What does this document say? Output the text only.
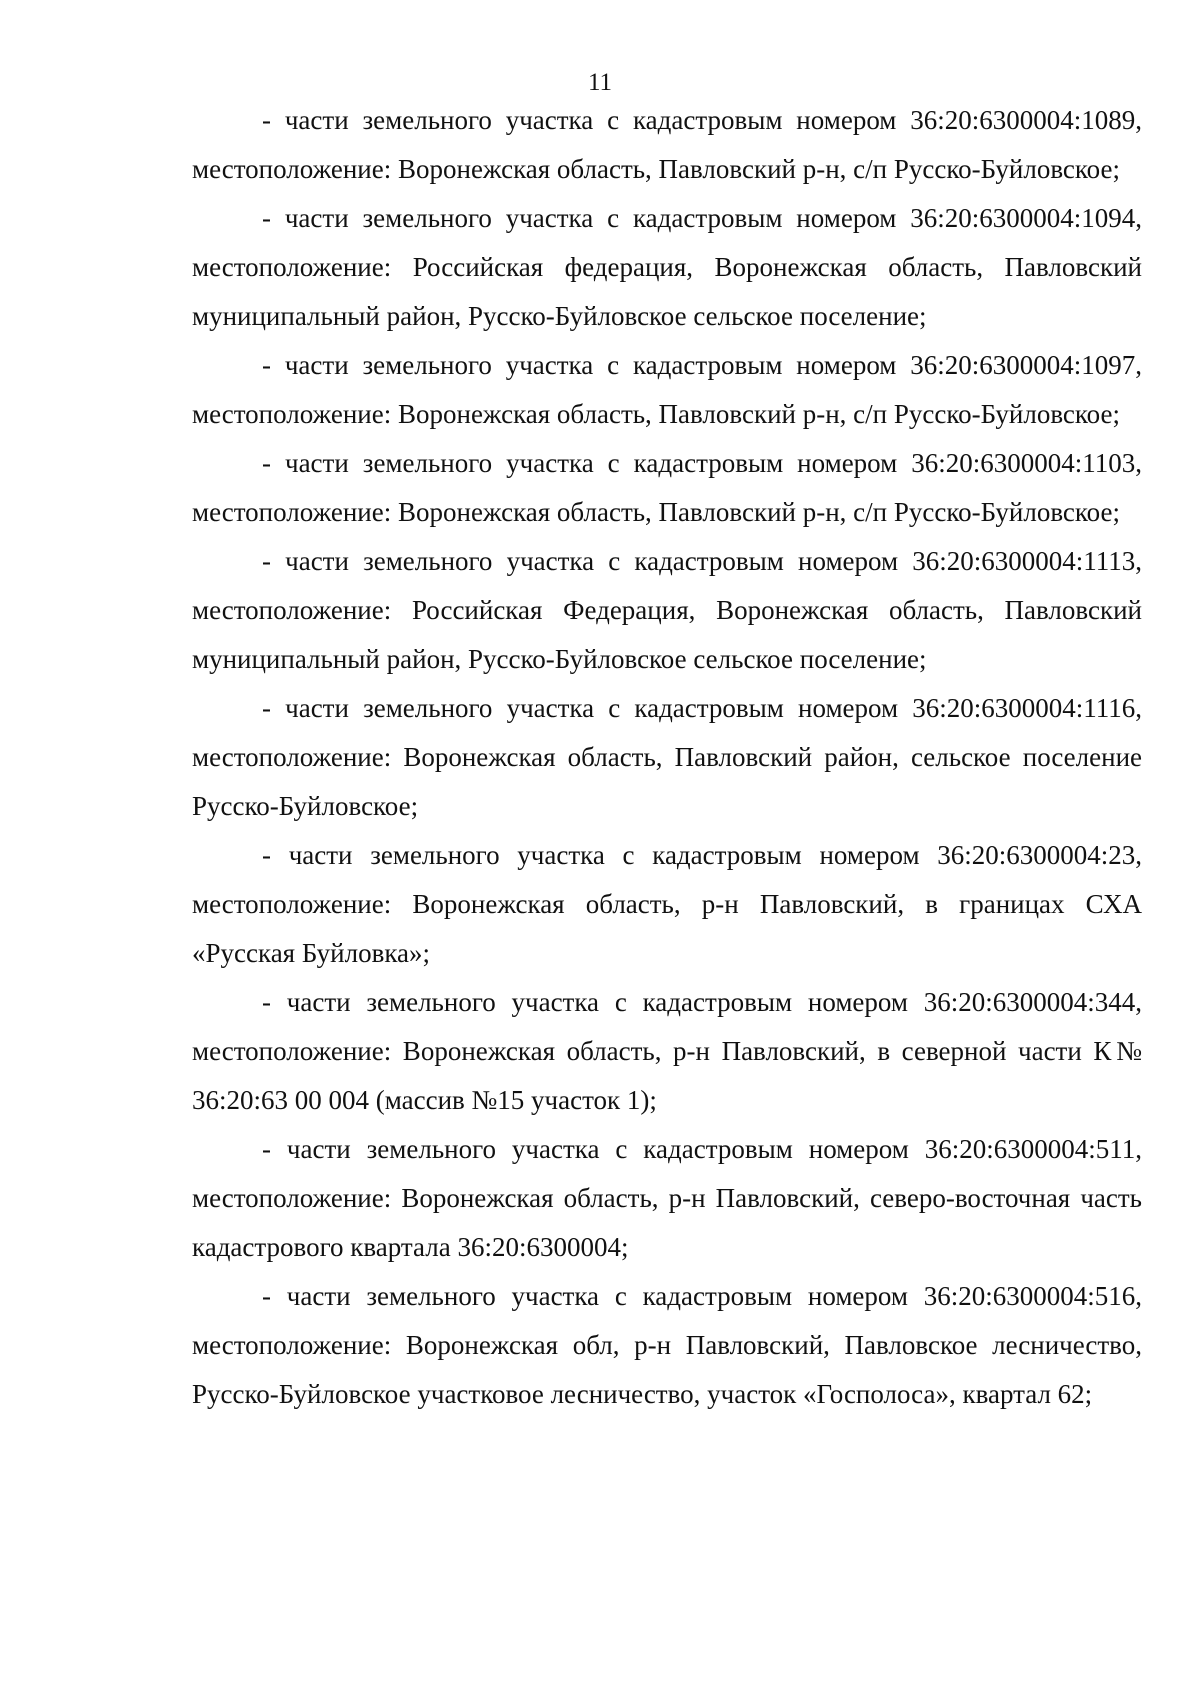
11

- части земельного участка с кадастровым номером 36:20:6300004:1089, местоположение: Воронежская область, Павловский р-н, с/п Русско-Буйловское;

- части земельного участка с кадастровым номером 36:20:6300004:1094, местоположение: Российская федерация, Воронежская область, Павловский муниципальный район, Русско-Буйловское сельское поселение;

- части земельного участка с кадастровым номером 36:20:6300004:1097, местоположение: Воронежская область, Павловский р-н, с/п Русско-Буйловское;

- части земельного участка с кадастровым номером 36:20:6300004:1103, местоположение: Воронежская область, Павловский р-н, с/п Русско-Буйловское;

- части земельного участка с кадастровым номером 36:20:6300004:1113, местоположение: Российская Федерация, Воронежская область, Павловский муниципальный район, Русско-Буйловское сельское поселение;

- части земельного участка с кадастровым номером 36:20:6300004:1116, местоположение: Воронежская область, Павловский район, сельское поселение Русско-Буйловское;

- части земельного участка с кадастровым номером 36:20:6300004:23, местоположение: Воронежская область, р-н Павловский, в границах СХА «Русская Буйловка»;

- части земельного участка с кадастровым номером 36:20:6300004:344, местоположение: Воронежская область, р-н Павловский, в северной части К№ 36:20:63 00 004 (массив №15 участок 1);

- части земельного участка с кадастровым номером 36:20:6300004:511, местоположение: Воронежская область, р-н Павловский, северо-восточная часть кадастрового квартала 36:20:6300004;

- части земельного участка с кадастровым номером 36:20:6300004:516, местоположение: Воронежская обл, р-н Павловский, Павловское лесничество, Русско-Буйловское участковое лесничество, участок «Госполоса», квартал 62;
